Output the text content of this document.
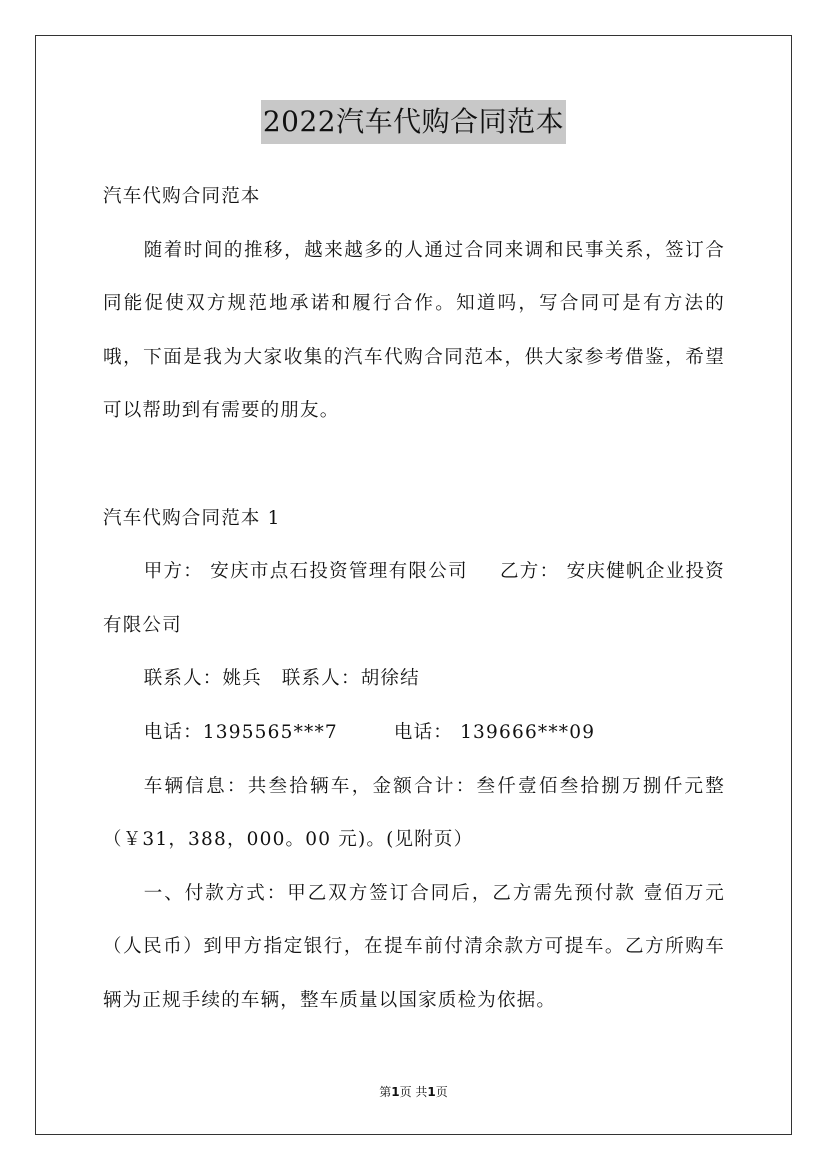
2022汽车代购合同范本

汽车代购合同范本

随着时间的推移，越来越多的人通过合同来调和民事关系，签订合同能促使双方规范地承诺和履行合作。知道吗，写合同可是有方法的哦，下面是我为大家收集的汽车代购合同范本，供大家参考借鉴，希望可以帮助到有需要的朋友。

汽车代购合同范本 1

甲方： 安庆市点石投资管理有限公司 乙方： 安庆健帆企业投资有限公司

联系人：姚兵 联系人：胡徐结

电话：1395565***7	电话： 139666***09

车辆信息：共叁拾辆车，金额合计：叁仟壹佰叁拾捌万捌仟元整（￥31，388，000。00 元)。(见附页）

一、付款方式：甲乙双方签订合同后，乙方需先预付款 壹佰万元（人民币）到甲方指定银行，在提车前付清余款方可提车。乙方所购车辆为正规手续的车辆，整车质量以国家质检为依据。

第1页 共1页
